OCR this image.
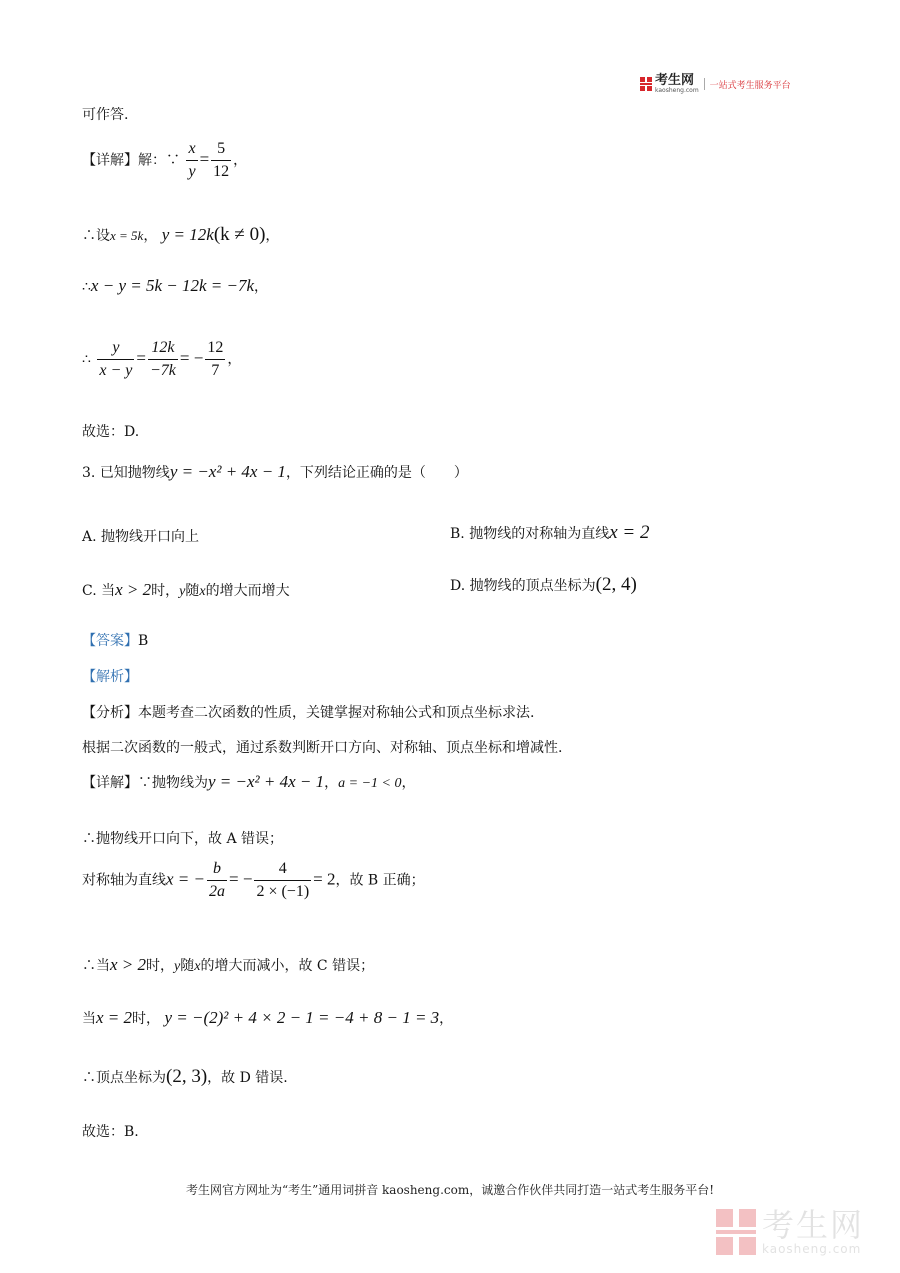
考生网
kaosheng.com 一站式考生服务平台
可作答.
【详解】解：∵ $\frac{x}{y} = \frac{5}{12}$ ，
∴设x = 5k， y = 12k(k ≠ 0)，
∴x − y = 5k − 12k = −7k，
∴ $\frac{y}{x - y} = \frac{12k}{-7k}$ = − $\frac{12}{7}$ ，
故选：D.
3. 已知抛物线y = −x² + 4x − 1，下列结论正确的是（　　）
A. 抛物线开口向上	B. 抛物线的对称轴为直线x = 2
C. 当x > 2时，y随x的增大而增大	D. 抛物线的顶点坐标为(2, 4)
【答案】B
【解析】
【分析】本题考查二次函数的性质，关键掌握对称轴公式和顶点坐标求法.
根据二次函数的一般式，通过系数判断开口方向、对称轴、顶点坐标和增减性.
【详解】∵抛物线为y = −x² + 4x − 1，a = −1 < 0，
∴抛物线开口向下，故 A 错误；
对称轴为直线x = − $\frac{b}{2a}$ = − $\frac{4}{2 \times (-1)} = 2$，故 B 正确；
∴当x > 2时，y随x的增大而减小，故 C 错误；
当x = 2时， y = −(2)² + 4 × 2 − 1 = −4 + 8 − 1 = 3，
∴顶点坐标为(2, 3)，故 D 错误.
故选：B.
考生网官方网址为“考生”通用词拼音 kaosheng.com，诚邀合作伙伴共同打造一站式考生服务平台!
考生网
kaosheng.com
